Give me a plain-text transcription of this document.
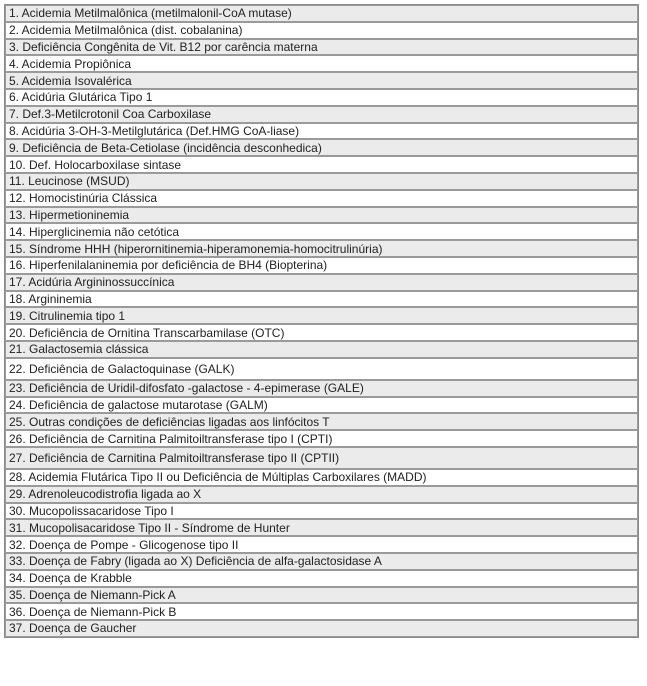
1. Acidemia Metilmalônica (metilmalonil-CoA mutase)
2. Acidemia Metilmalônica (dist. cobalanina)
3. Deficiência Congênita de Vit. B12 por carência materna
4. Acidemia Propiônica
5. Acidemia Isovalérica
6. Acidúria Glutárica Tipo 1
7. Def.3-Metilcrotonil Coa Carboxilase
8. Acidúria 3-OH-3-Metilglutárica (Def.HMG CoA-liase)
9. Deficiência de Beta-Cetiolase (incidência desconhedica)
10. Def. Holocarboxilase sintase
11. Leucinose (MSUD)
12. Homocistinúria Clássica
13. Hipermetioninemia
14. Hiperglicinemia não cetótica
15. Síndrome HHH (hiperornitinemia-hiperamonemia-homocitrulinúria)
16. Hiperfenilalaninemia por deficiência de BH4 (Biopterina)
17. Acidúria Argininossuccínica
18. Argininemia
19. Citrulinemia tipo 1
20. Deficiência de Ornitina Transcarbamilase (OTC)
21. Galactosemia clássica
22. Deficiência de Galactoquinase (GALK)
23. Deficiência de Uridil-difosfato -galactose - 4-epimerase (GALE)
24. Deficiência de galactose mutarotase (GALM)
25. Outras condições de deficiências ligadas aos linfócitos T
26. Deficiência de Carnitina Palmitoiltransferase tipo I (CPTI)
27. Deficiência de Carnitina Palmitoiltransferase tipo II (CPTII)
28. Acidemia Flutárica Tipo II ou Deficiência de Múltiplas Carboxilares (MADD)
29. Adrenoleucodistrofia ligada ao X
30. Mucopolissacaridose Tipo I
31. Mucopolisacaridose Tipo II - Síndrome de Hunter
32. Doença de Pompe - Glicogenose tipo II
33. Doença de Fabry (ligada ao X) Deficiência de alfa-galactosidase A
34. Doença de Krabble
35. Doença de Niemann-Pick A
36. Doença de Niemann-Pick B
37. Doença de Gaucher
